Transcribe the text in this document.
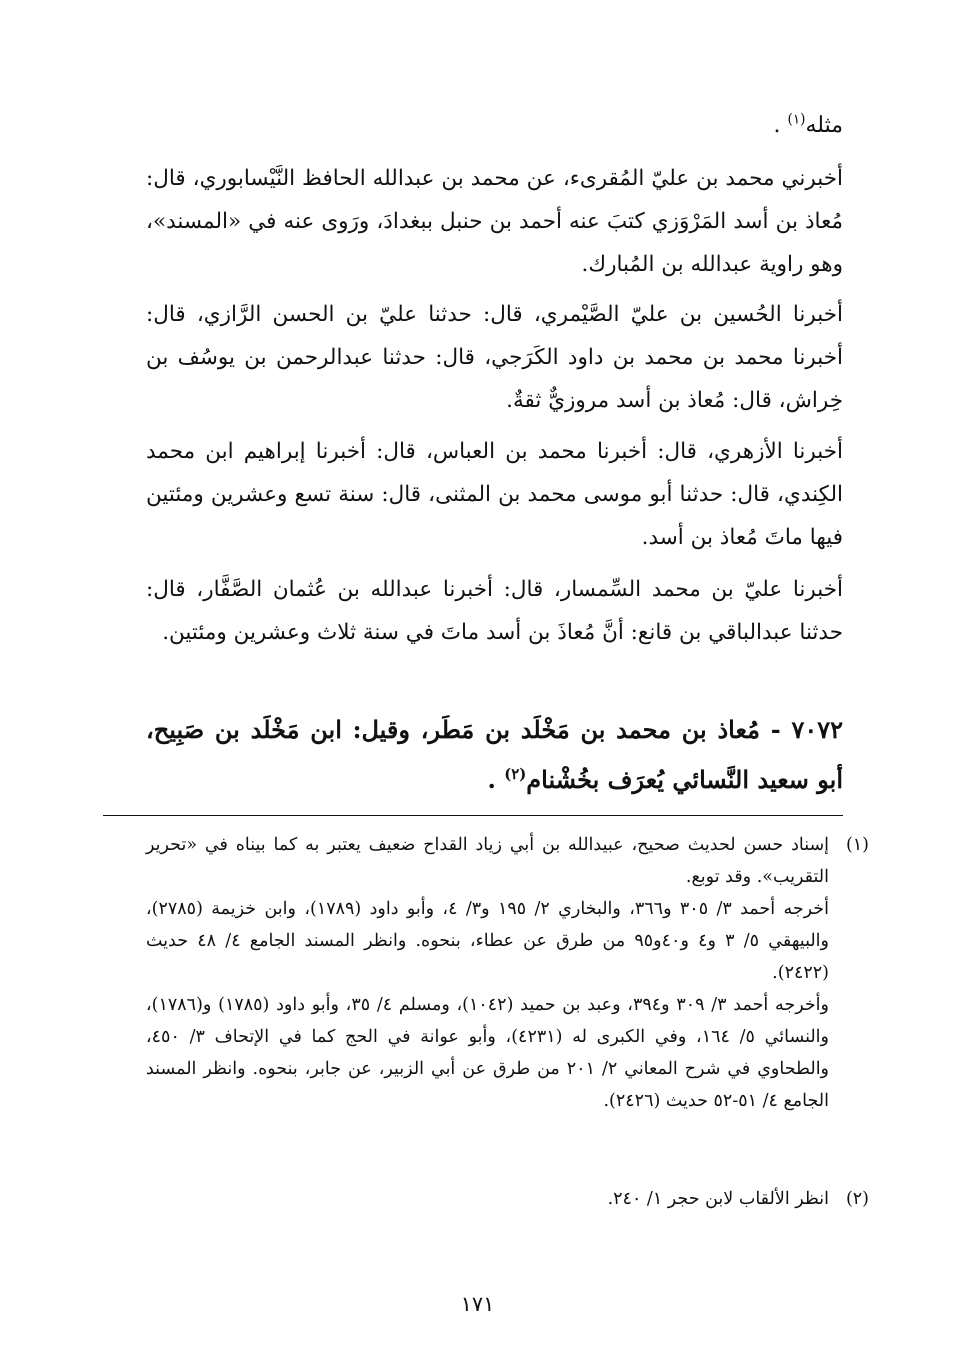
مثله$^{(١)}$ .
أخبرني محمد بن عليّ المُقرىء، عن محمد بن عبدالله الحافظ النَّيْسابوري، قال: مُعاذ بن أسد المَرْوَزي كتبَ عنه أحمد بن حنبل ببغدادَ، ورَوى عنه في «المسند»، وهو راوية عبدالله بن المُبارك.
أخبرنا الحُسين بن عليّ الصَّيْمري، قال: حدثنا عليّ بن الحسن الرَّازي، قال: أخبرنا محمد بن محمد بن داود الكَرَجي، قال: حدثنا عبدالرحمن بن يوسُف بن خِراش، قال: مُعاذ بن أسد مروزيٌّ ثقةٌ.
أخبرنا الأزهري، قال: أخبرنا محمد بن العباس، قال: أخبرنا إبراهيم ابن محمد الكِندي، قال: حدثنا أبو موسى محمد بن المثنى، قال: سنة تسع وعشرين ومئتين فيها ماتَ مُعاذ بن أسد.
أخبرنا عليّ بن محمد السِّمسار، قال: أخبرنا عبدالله بن عُثمان الصَّفَّار، قال: حدثنا عبدالباقي بن قانع: أنَّ مُعاذَ بن أسد ماتَ في سنة ثلاث وعشرين ومئتين.
٧٠٧٢ - مُعاذ بن محمد بن مَخْلَد بن مَطَر، وقيل: ابن مَخْلَد بن صَبِيح، أبو سعيد النَّسائي يُعرَف بخُشْنام$^{(٢)}$ .
(١)
إسناد حسن لحديث صحيح، عبيدالله بن أبي زياد القداح ضعيف يعتبر به كما بيناه في «تحرير التقريب». وقد توبع.
أخرجه أحمد ٣/ ٣٠٥ و٣٦٦، والبخاري ٢/ ١٩٥ و٣/ ٤، وأبو داود (١٧٨٩)، وابن خزيمة (٢٧٨٥)، والبيهقي ٥/ ٣ و٤ و٤٠و٩٥ من طرق عن عطاء، بنحوه. وانظر المسند الجامع ٤/ ٤٨ حديث (٢٤٢٢).
وأخرجه أحمد ٣/ ٣٠٩ و٣٩٤، وعبد بن حميد (١٠٤٢)، ومسلم ٤/ ٣٥، وأبو داود (١٧٨٥) و(١٧٨٦)، والنسائي ٥/ ١٦٤، وفي الكبرى له (٤٢٣١)، وأبو عوانة في الحج كما في الإتحاف ٣/ ٤٥٠، والطحاوي في شرح المعاني ٢/ ٢٠١ من طرق عن أبي الزبير، عن جابر، بنحوه. وانظر المسند الجامع ٤/ ٥١-٥٢ حديث (٢٤٢٦).
(٢)
انظر الألقاب لابن حجر ١/ ٢٤٠.
١٧١
